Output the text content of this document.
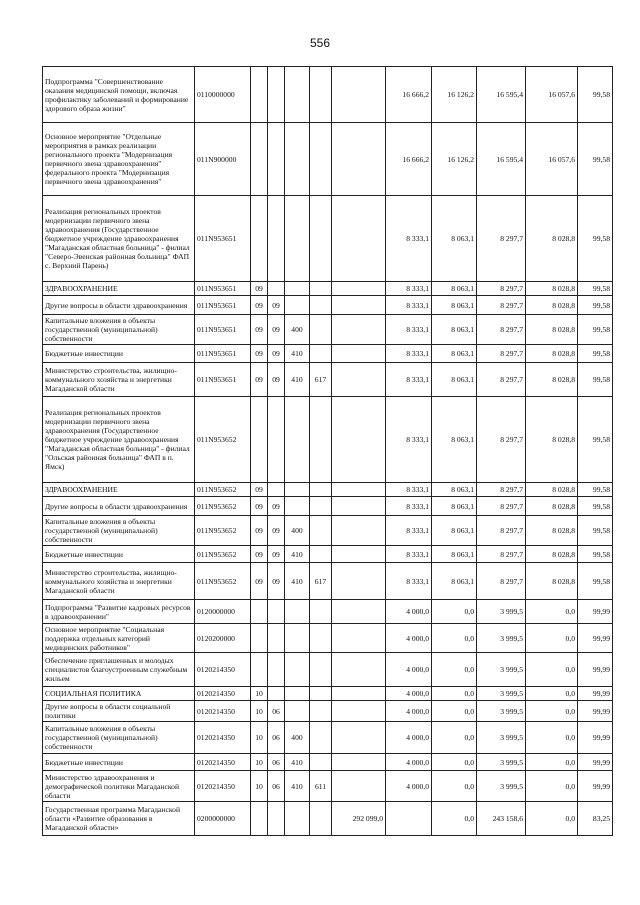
556
Подпрограмма "Совершенствование оказания медицинской помощи, включая профилактику заболеваний и формирование здорового образа жизни"	0110000000						16 666,2	16 126,2	16 595,4	16 057,6	99,58
Основное мероприятие "Отдельные мероприятия в рамках реализации регионального проекта "Модернизация первичного звена здравоохранения" федерального проекта "Модернизация первичного звена здравоохранения"	011N900000						16 666,2	16 126,2	16 595,4	16 057,6	99,58
Реализация региональных проектов модернизации первичного звена здравоохранения (Государственное бюджетное учреждение здравоохранения "Магаданская областная больница" - филиал "Северо-Эвенская районная больница" ФАП с. Верхний Парень)	011N953651						8 333,1	8 063,1	8 297,7	8 028,8	99,58
ЗДРАВООХРАНЕНИЕ	011N953651	09					8 333,1	8 063,1	8 297,7	8 028,8	99,58
Другие вопросы в области здравоохранения	011N953651	09	09				8 333,1	8 063,1	8 297,7	8 028,8	99,58
Капитальные вложения в объекты государственной (муниципальной) собственности	011N953651	09	09	400			8 333,1	8 063,1	8 297,7	8 028,8	99,58
Бюджетные инвестиции	011N953651	09	09	410			8 333,1	8 063,1	8 297,7	8 028,8	99,58
Министерство строительства, жилищно-коммунального хозяйства и энергетики Магаданской области	011N953651	09	09	410	617		8 333,1	8 063,1	8 297,7	8 028,8	99,58
Реализация региональных проектов модернизации первичного звена здравоохранения (Государственное бюджетное учреждение здравоохранения "Магаданская областная больница" - филиал "Ольская районная больница" ФАП в п. Ямск)	011N953652						8 333,1	8 063,1	8 297,7	8 028,8	99,58
ЗДРАВООХРАНЕНИЕ	011N953652	09					8 333,1	8 063,1	8 297,7	8 028,8	99,58
Другие вопросы в области здравоохранения	011N953652	09	09				8 333,1	8 063,1	8 297,7	8 028,8	99,58
Капитальные вложения в объекты государственной (муниципальной) собственности	011N953652	09	09	400			8 333,1	8 063,1	8 297,7	8 028,8	99,58
Бюджетные инвестиции	011N953652	09	09	410			8 333,1	8 063,1	8 297,7	8 028,8	99,58
Министерство строительства, жилищно-коммунального хозяйства и энергетики Магаданской области	011N953652	09	09	410	617		8 333,1	8 063,1	8 297,7	8 028,8	99,58
Подпрограмма "Развитие кадровых ресурсов в здравоохранении"	0120000000						4 000,0	0,0	3 999,5	0,0	99,99
Основное мероприятие "Социальная поддержка отдельных категорий медицинских работников"	0120200000						4 000,0	0,0	3 999,5	0,0	99,99
Обеспечение приглашенных и молодых специалистов благоустроенным служебным жильем	0120214350						4 000,0	0,0	3 999,5	0,0	99,99
СОЦИАЛЬНАЯ ПОЛИТИКА	0120214350	10					4 000,0	0,0	3 999,5	0,0	99,99
Другие вопросы в области социальной политики	0120214350	10	06				4 000,0	0,0	3 999,5	0,0	99,99
Капитальные вложения в объекты государственной (муниципальной) собственности	0120214350	10	06	400			4 000,0	0,0	3 999,5	0,0	99,99
Бюджетные инвестиции	0120214350	10	06	410			4 000,0	0,0	3 999,5	0,0	99,99
Министерство здравоохранения и демографической политики Магаданской области	0120214350	10	06	410	611		4 000,0	0,0	3 999,5	0,0	99,99
Государственная программа Магаданской области «Развитие образования в Магаданской области»	0200000000					292 099,0		0,0	243 158,6	0,0	83,25
